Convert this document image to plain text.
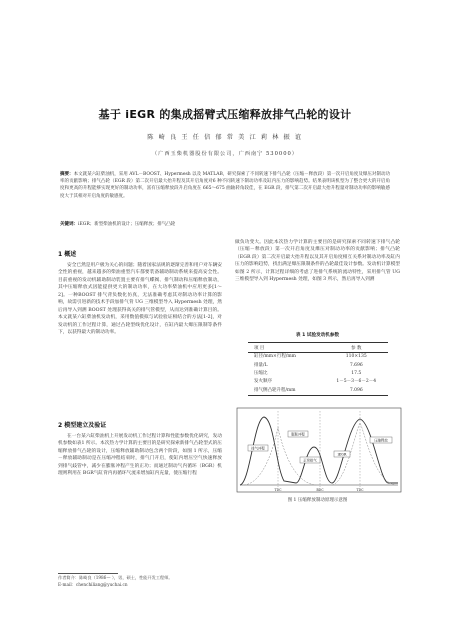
基于 iEGR 的集成摇臂式压缩释放排气凸轮的设计
陈 崎 良 王 任 信 郁 常 美 江 莉 林 振 谊
（广西玉柴机器股份有限公司，广西南宁 530000）
摘要：本文就某六缸柴油机，采用 AVL－BOOST、Hypermesh 以及 MATLAB，研究探索了不同转速下排气凸轮（压缩－释放段）第一次开启角度及爆压对制动功率的贡献影响；排气凸轮（EGR 段）第二次开启最大抬升程及其开启角度对6 种不同转速下制动功率及缸内压力的影响趋势。结果表明该机型为了整合更大的开启角度和更高的升程能够实现更好的制动功率，富有压缩释放段升启角度在 665～675 曲轴转角较佳，在 EGR 段，排气第二次开启最大抬升程量对制动功率的影响敏感度大于其相对开启角度的敏感度。
关键词：iEGR；新型柴油机的设计；压缩释放；排气凸轮
1 概述
安全已然是用户极为关心的问题；随着国家法规的逐渐完善和用户对车辆安全性的重视，越来越多的柴油重型汽车都要装备辅助制动系统来提高安全性。目前重视的发动机辅助制动装置主要有排气蝶阀、排气制动和压缩释放制动，其中压缩释放式因能提供更大的制动功率，在大功率柴油机中应用更多[1～2]。一种BOOST 排气背负数化仿真，无法准确考虑其对制动功率计算的影响，故需引进新的技术手段加排气背 UG 三维模型导入 Hypermesh 处理，然后再导入到测 BOOST 处理获得高关的排气管模型，从而达到准确计算目的。本文就某六缸柴油机发动机，采用数值模拟与试验验证相结合的方法[1-2]，对发动机的工作过程计算，通过凸轮型线优化设计，在缸内最大爆压限制等条件下，以获得最大的制动功率。
2 模型建立及验证
在一台某六缸柴油机上开展发动机工作过程计算和性能参数优化研究，发动机参数如表1 所示。本次热力学计算的主要目的是研究探索新排气凸轮型式的压缩释放排气凸轮的设计，压缩释放辅助制动包含两个阶段，如图 1 所示，压缩－释放辅助制动是在压缩冲程结束时，排气门开启，使缸内增压空气快速释放到排气歧管中，减少在膨胀冲程产生的正功；而通过制动气内循环（BGR）机理则利用在 BGR气缸背内再循环气流来增加缸内充量，使压缩行程
做负功变大。因此本次热力学计算的主要目的是研究探索不同转速下排气凸轮（压缩－释放段）第一次开启角度及爆压对制动功率的贡献影响；排气凸轮（EGR 段）第二次开启最大抬升程以及其开启角度相互关系对制动功率及缸内压力的影响趋势，找出满足爆压限制条件的凸轮最佳设计参数。发动机计算模型如图 2 所示，计算过程详细的考虑了进排气系统的流动特性，采用排气管 UG 三维模型导入到 Hypermesh 处理，如图 3 所示，然后再导入到测
表 1 试验发动机参数
项 目	参 数
缸径/mm×行程/mm	110×135
排量/L	7.696
压缩比	17.5
发火顺序	1－5－3－6－2－4
排气侧凸轮升程/mm	7.096
排气冲程
膨胀冲程
正常排气
iEGR
压缩释放
TDC	BDC	TDC
图 1 压缩释放制动原理示意图
作者简介：陈崎良（1986— ），男，硕士，性能开发工程师。
E-mail：chenchiliang@yuchai.cn
